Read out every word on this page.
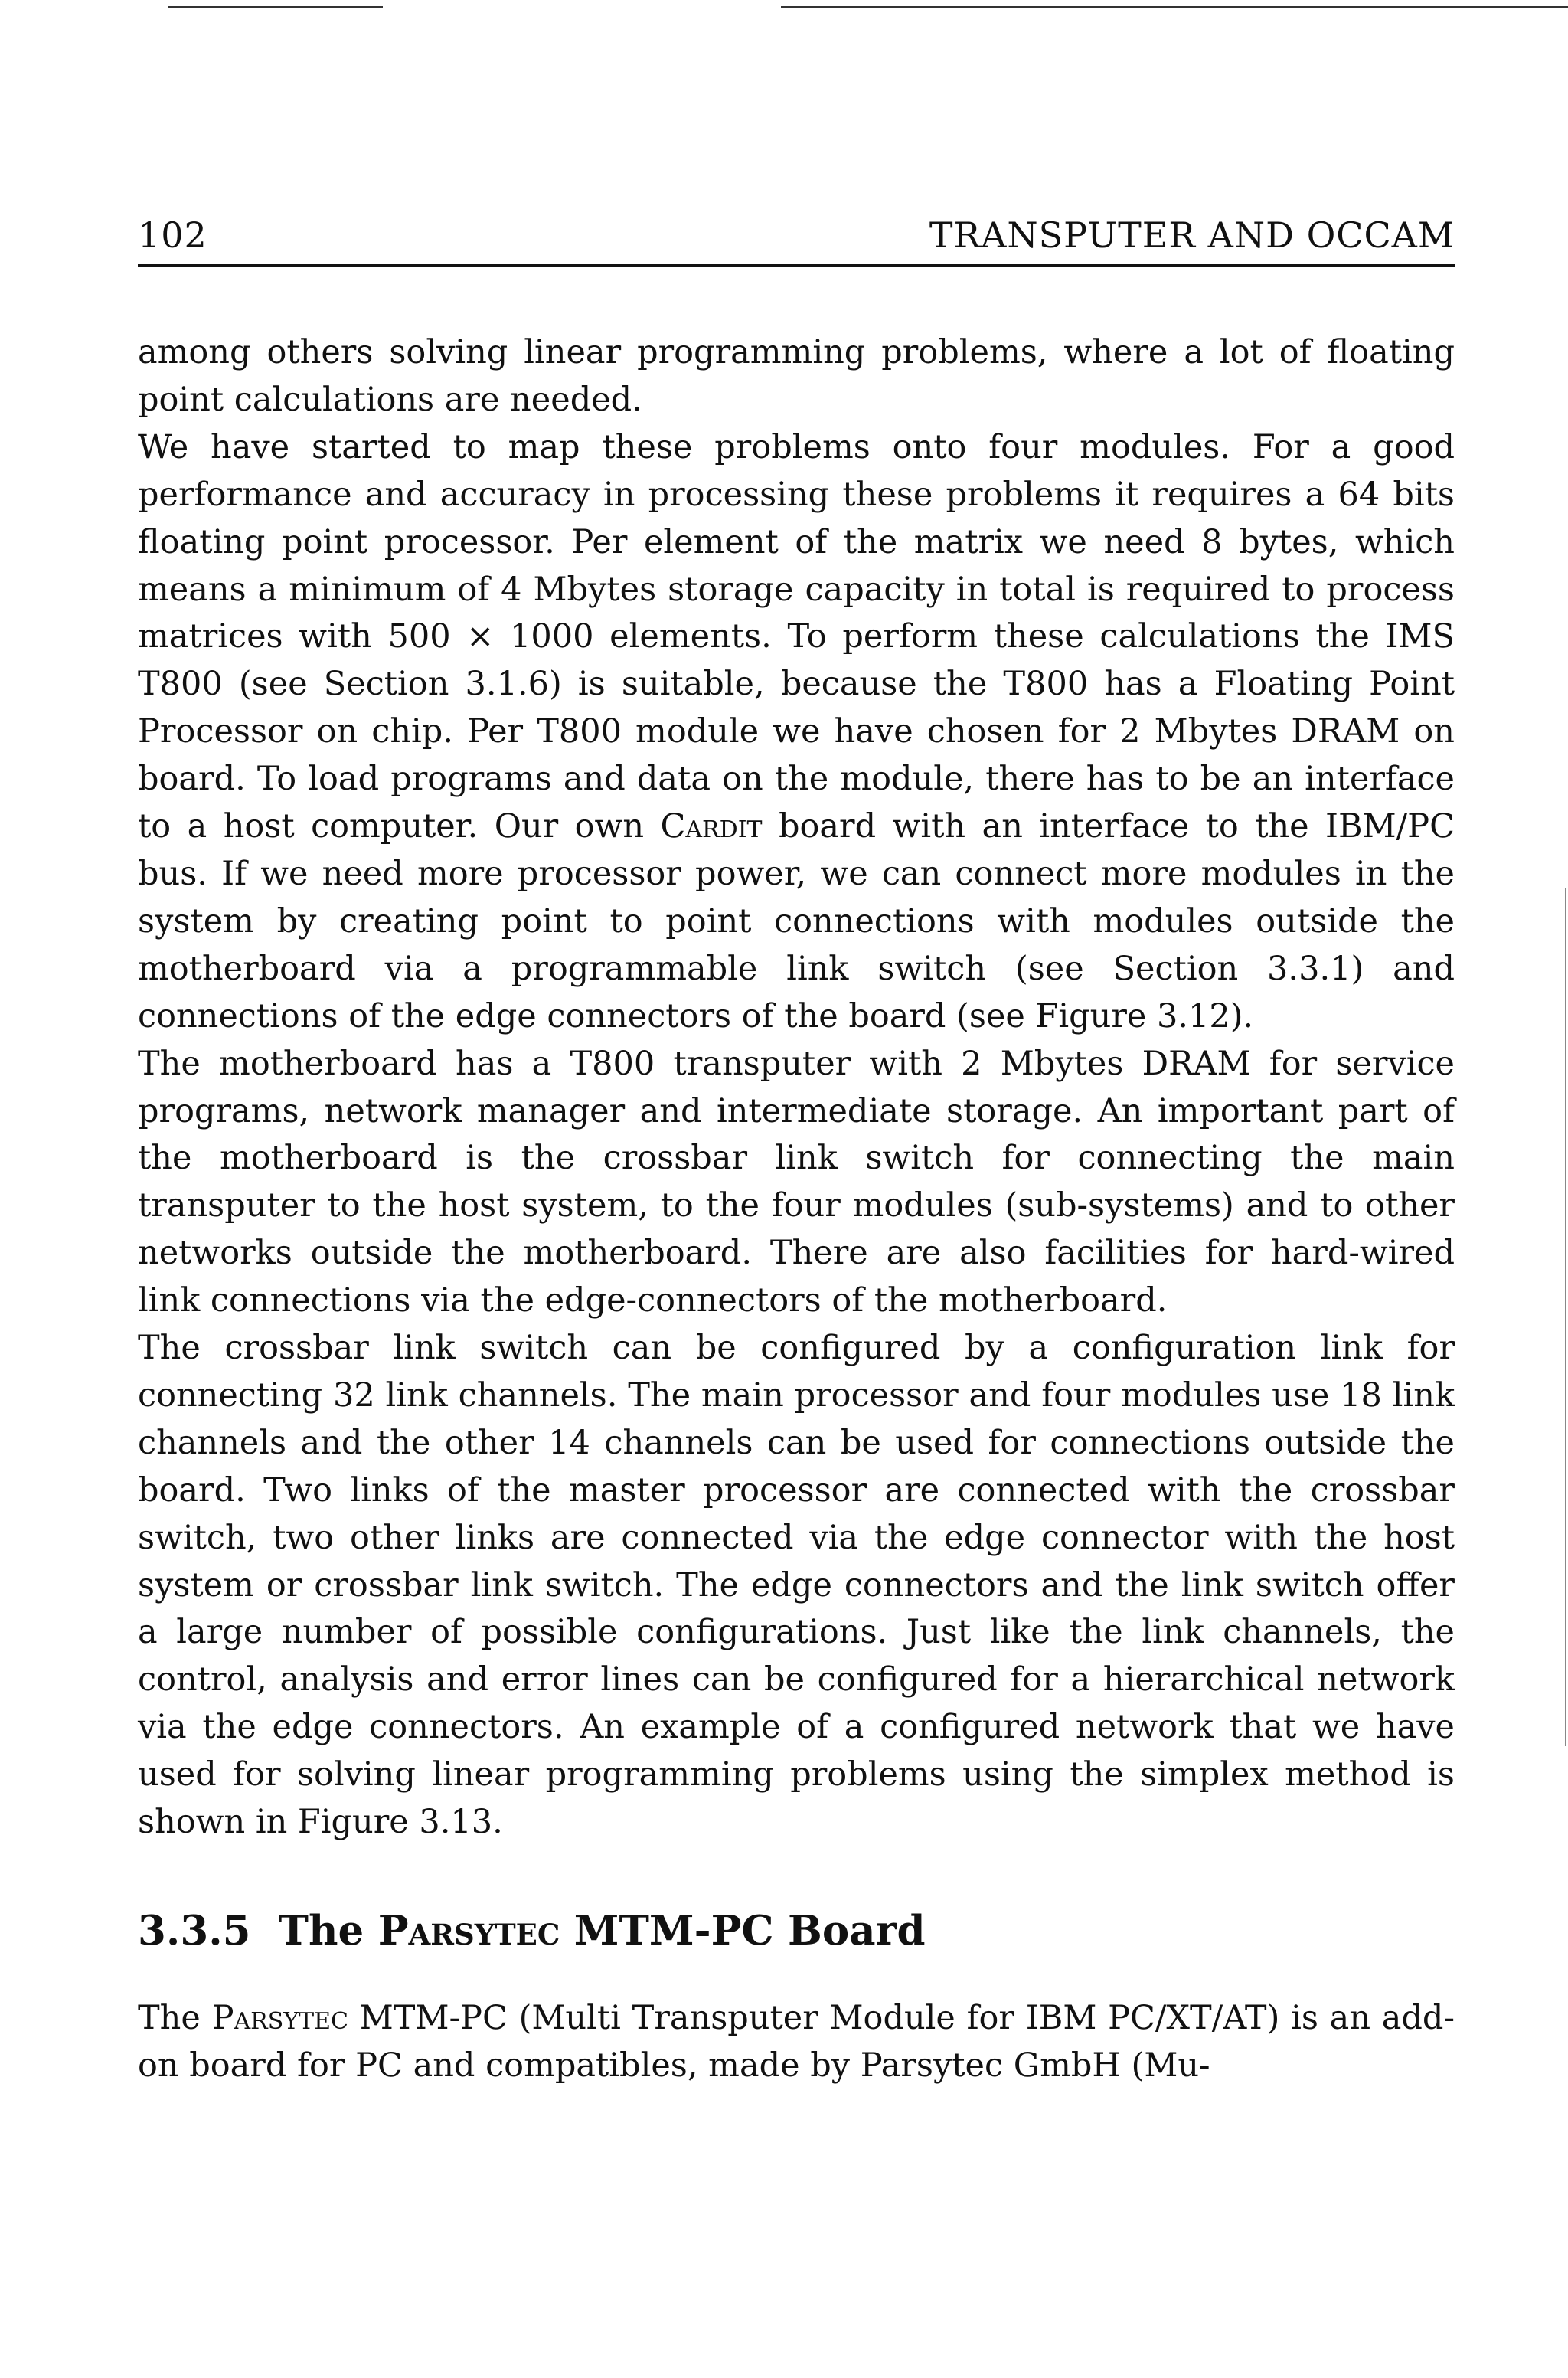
102	TRANSPUTER AND OCCAM

among others solving linear programming problems, where a lot of floating point calculations are needed.

We have started to map these problems onto four modules. For a good performance and accuracy in processing these problems it requires a 64 bits floating point processor. Per element of the matrix we need 8 bytes, which means a minimum of 4 Mbytes storage capacity in total is required to process matrices with 500 × 1000 elements. To perform these calculations the IMS T800 (see Section 3.1.6) is suitable, because the T800 has a Floating Point Processor on chip. Per T800 module we have chosen for 2 Mbytes DRAM on board. To load programs and data on the module, there has to be an interface to a host computer. Our own Cardit board with an interface to the IBM/PC bus. If we need more processor power, we can connect more modules in the system by creating point to point connections with modules outside the motherboard via a programmable link switch (see Section 3.3.1) and connections of the edge connectors of the board (see Figure 3.12).

The motherboard has a T800 transputer with 2 Mbytes DRAM for service programs, network manager and intermediate storage. An important part of the motherboard is the crossbar link switch for connecting the main transputer to the host system, to the four modules (sub-systems) and to other networks outside the motherboard. There are also facilities for hard-wired link connections via the edge-connectors of the motherboard.

The crossbar link switch can be configured by a configuration link for connecting 32 link channels. The main processor and four modules use 18 link channels and the other 14 channels can be used for connections outside the board. Two links of the master processor are connected with the crossbar switch, two other links are connected via the edge connector with the host system or crossbar link switch. The edge connectors and the link switch offer a large number of possible configurations. Just like the link channels, the control, analysis and error lines can be configured for a hierarchical network via the edge connectors. An example of a configured network that we have used for solving linear programming problems using the simplex method is shown in Figure 3.13.

3.3.5 The Parsytec MTM-PC Board

The Parsytec MTM-PC (Multi Transputer Module for IBM PC/XT/AT) is an add-on board for PC and compatibles, made by Parsytec GmbH (Mu-
